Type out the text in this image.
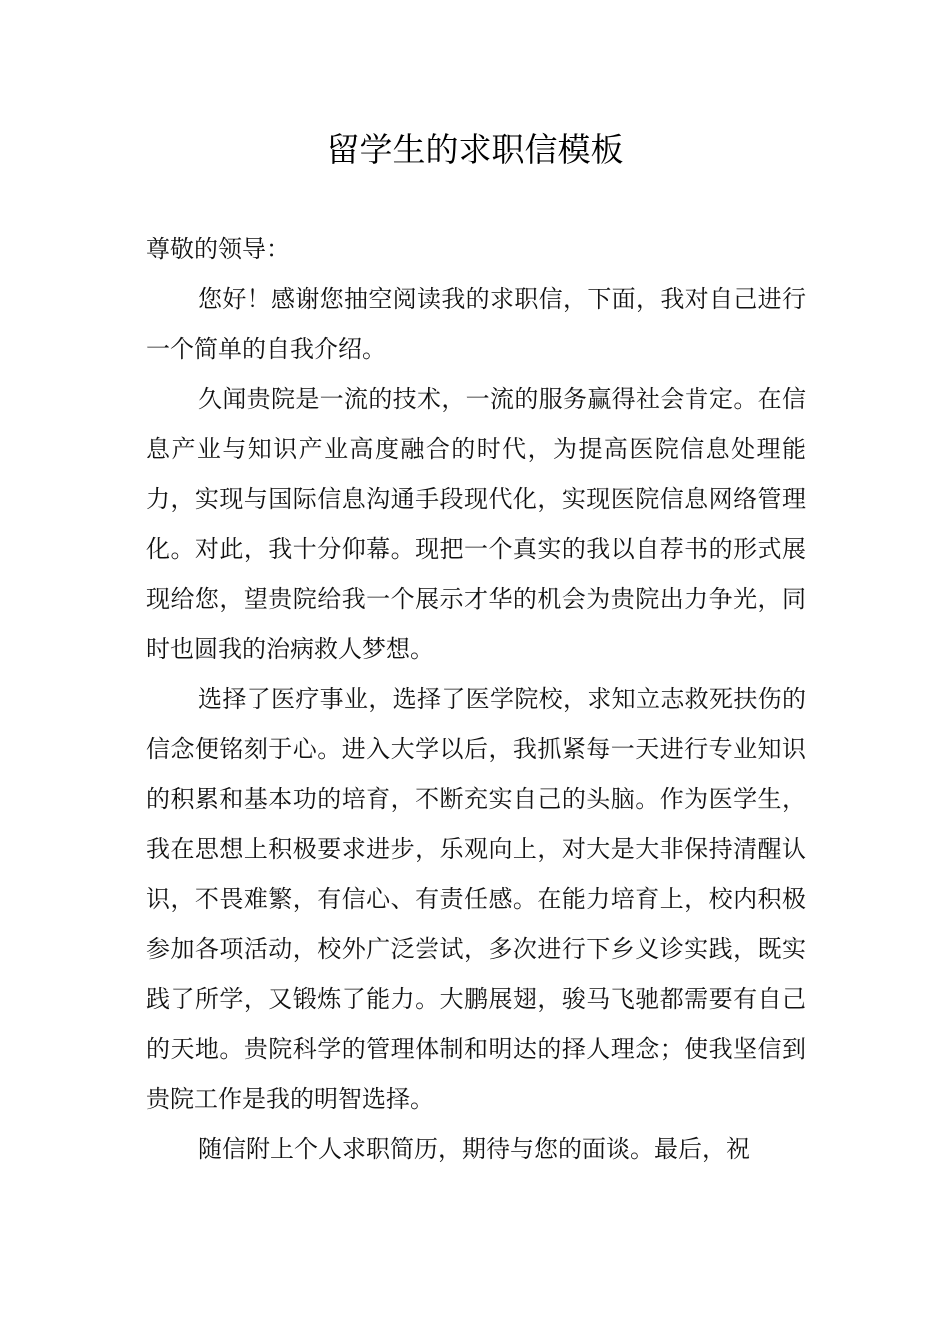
留学生的求职信模板

尊敬的领导：

您好！感谢您抽空阅读我的求职信，下面，我对自己进行一个简单的自我介绍。

久闻贵院是一流的技术，一流的服务赢得社会肯定。在信息产业与知识产业高度融合的时代，为提高医院信息处理能力，实现与国际信息沟通手段现代化，实现医院信息网络管理化。对此，我十分仰幕。现把一个真实的我以自荐书的形式展现给您，望贵院给我一个展示才华的机会为贵院出力争光，同时也圆我的治病救人梦想。

选择了医疗事业，选择了医学院校，求知立志救死扶伤的信念便铭刻于心。进入大学以后，我抓紧每一天进行专业知识的积累和基本功的培育，不断充实自己的头脑。作为医学生，我在思想上积极要求进步，乐观向上，对大是大非保持清醒认识，不畏难繁，有信心、有责任感。在能力培育上，校内积极参加各项活动，校外广泛尝试，多次进行下乡义诊实践，既实践了所学，又锻炼了能力。大鹏展翅，骏马飞驰都需要有自己的天地。贵院科学的管理体制和明达的择人理念；使我坚信到贵院工作是我的明智选择。

随信附上个人求职简历，期待与您的面谈。最后，祝
